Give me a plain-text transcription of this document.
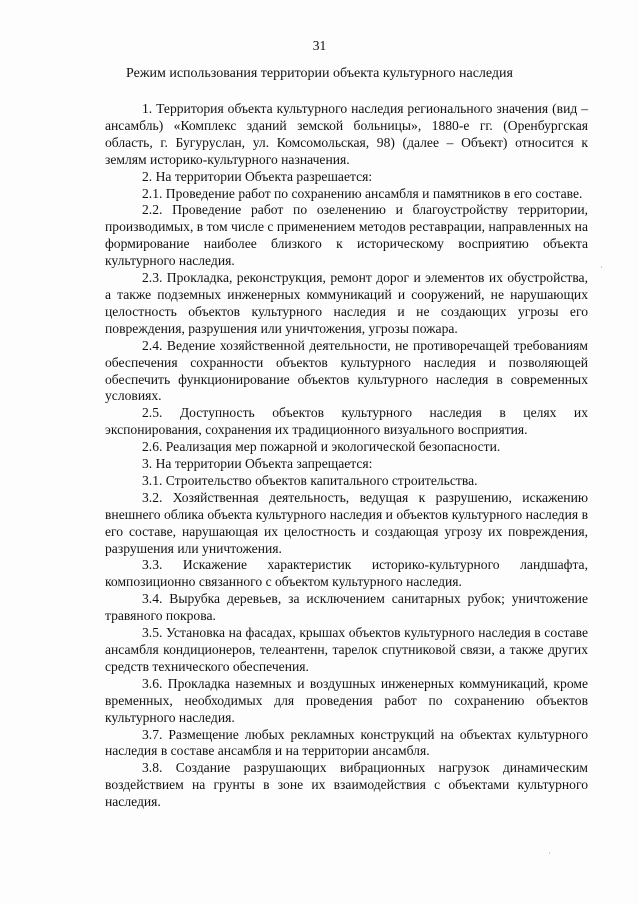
31
Режим использования территории объекта культурного наследия

1. Территория объекта культурного наследия регионального значения (вид – ансамбль) «Комплекс зданий земской больницы», 1880-е гг. (Оренбургская область, г. Бугуруслан, ул. Комсомольская, 98) (далее – Объект) относится к землям историко-культурного назначения.

2. На территории Объекта разрешается:

2.1. Проведение работ по сохранению ансамбля и памятников в его составе.

2.2. Проведение работ по озеленению и благоустройству территории, производимых, в том числе с применением методов реставрации, направленных на формирование наиболее близкого к историческому восприятию объекта культурного наследия.

2.3. Прокладка, реконструкция, ремонт дорог и элементов их обустройства, а также подземных инженерных коммуникаций и сооружений, не нарушающих целостность объектов культурного наследия и не создающих угрозы его повреждения, разрушения или уничтожения, угрозы пожара.

2.4. Ведение хозяйственной деятельности, не противоречащей требованиям обеспечения сохранности объектов культурного наследия и позволяющей обеспечить функционирование объектов культурного наследия в современных условиях.

2.5. Доступность объектов культурного наследия в целях их экспонирования, сохранения их традиционного визуального восприятия.

2.6. Реализация мер пожарной и экологической безопасности.

3. На территории Объекта запрещается:

3.1. Строительство объектов капитального строительства.

3.2. Хозяйственная деятельность, ведущая к разрушению, искажению внешнего облика объекта культурного наследия и объектов культурного наследия в его составе, нарушающая их целостность и создающая угрозу их повреждения, разрушения или уничтожения.

3.3. Искажение характеристик историко-культурного ландшафта, композиционно связанного с объектом культурного наследия.

3.4. Вырубка деревьев, за исключением санитарных рубок; уничтожение травяного покрова.

3.5. Установка на фасадах, крышах объектов культурного наследия в составе ансамбля кондиционеров, телеантенн, тарелок спутниковой связи, а также других средств технического обеспечения.

3.6. Прокладка наземных и воздушных инженерных коммуникаций, кроме временных, необходимых для проведения работ по сохранению объектов культурного наследия.

3.7. Размещение любых рекламных конструкций на объектах культурного наследия в составе ансамбля и на территории ансамбля.

3.8. Создание разрушающих вибрационных нагрузок динамическим воздействием на грунты в зоне их взаимодействия с объектами культурного наследия.

·
·
